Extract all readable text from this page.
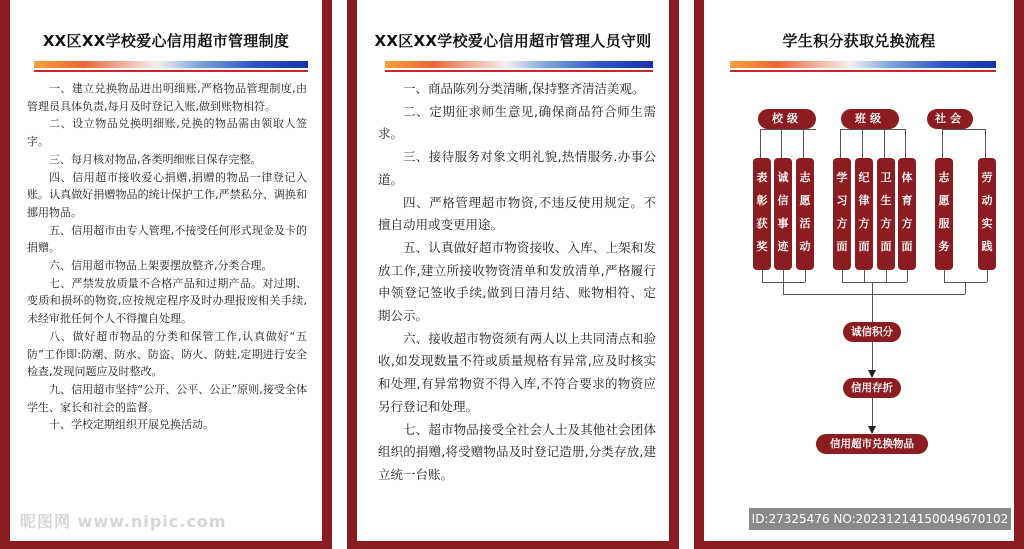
XX区XX学校爱心信用超市管理制度

一、建立兑换物品进出明细账,严格物品管理制度,由管理员具体负责,每月及时登记入账,做到账物相符。

二、设立物品兑换明细账,兑换的物品需由领取人签字。

三、每月核对物品,各类明细账目保存完整。

四、信用超市接收爱心捐赠,捐赠的物品一律登记入账。认真做好捐赠物品的统计保护工作,严禁私分、调换和挪用物品。

五、信用超市由专人管理,不接受任何形式现金及卡的捐赠。

六、信用超市物品上架要摆放整齐,分类合理。

七、严禁发放质量不合格产品和过期产品。对过期、变质和损坏的物资,应按规定程序及时办理报废相关手续,未经审批任何个人不得擅自处理。

八、做好超市物品的分类和保管工作,认真做好“五防”工作即:防潮、防水、防盗、防火、防蛀,定期进行安全检查,发现问题应及时整改。

九、信用超市坚持“公开、公平、公正”原则,接受全体学生、家长和社会的监督。

十、学校定期组织开展兑换活动。

XX区XX学校爱心信用超市管理人员守则

一、商品陈列分类清晰,保持整齐清洁美观。

二、定期征求师生意见,确保商品符合师生需求。

三、接待服务对象文明礼貌,热情服务.办事公道。

四、严格管理超市物资,不违反使用规定。不擅自动用或变更用途。

五、认真做好超市物资接收、入库、上架和发放工作,建立所接收物资清单和发放清单,严格履行申领登记签收手续,做到日清月结、账物相符、定期公示。

六、接收超市物资须有两人以上共同清点和验收,如发现数量不符或质量规格有异常,应及时核实和处理,有异常物资不得入库,不符合要求的物资应另行登记和处理。

七、超市物品接受全社会人士及其他社会团体组织的捐赠,将受赠物品及时登记造册,分类存放,建立统一台账。

学生积分获取兑换流程
校级	班级	社会
表彰获奖
诚信事迹
志愿活动
学习方面
纪律方面
卫生方面
体育方面
志愿服务
劳动实践
诚信积分
信用存折
信用超市兑换物品
昵图网 www.nipic.com	ID:27325476 NO:20231214150049670102
